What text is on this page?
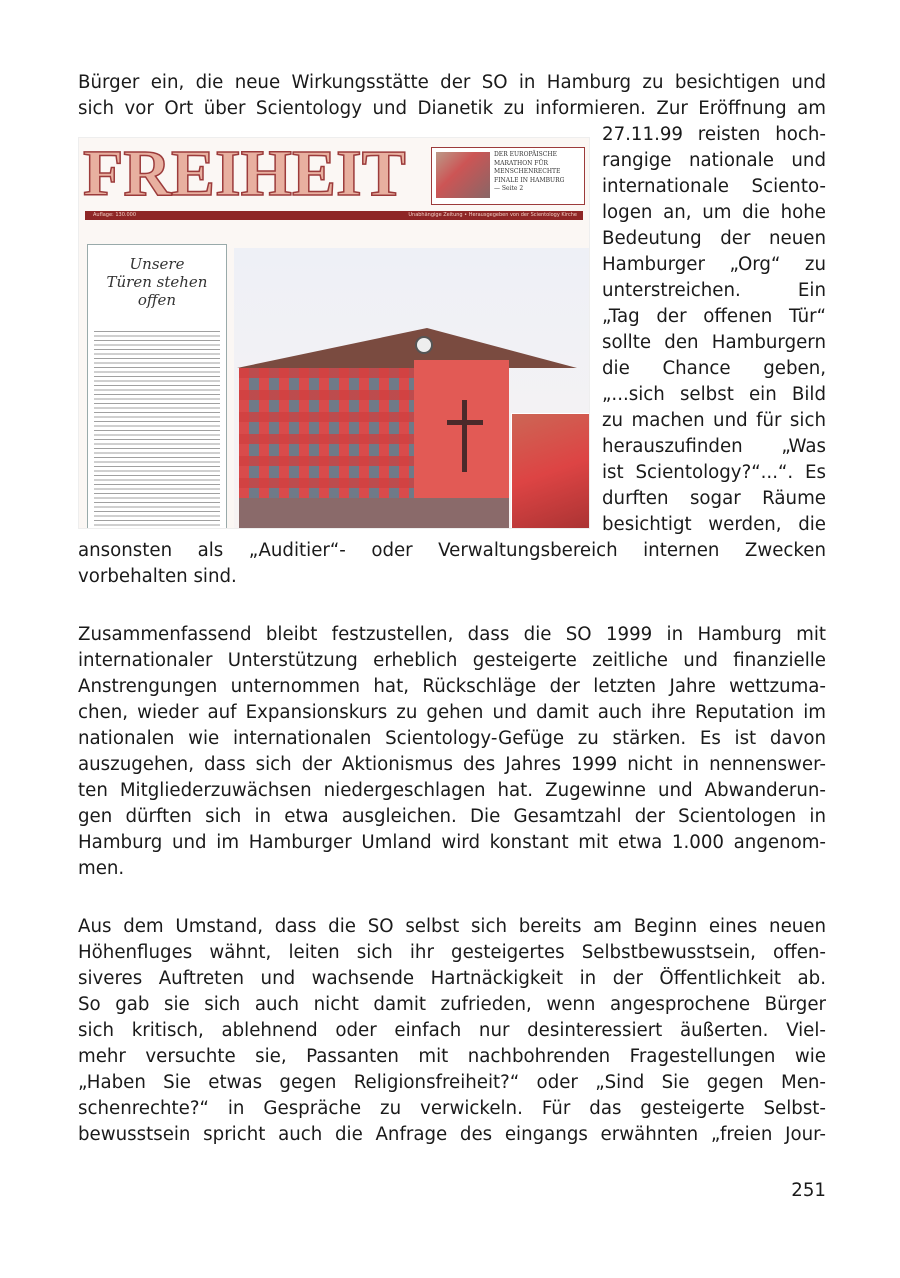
Bürger ein, die neue Wirkungsstätte der SO in Hamburg zu besichtigen und
sich vor Ort über Scientology und Dianetik zu informieren. Zur Eröffnung am
27.11.99 reisten hoch-
rangige nationale und
internationale Sciento-
logen an, um die hohe
Bedeutung der neuen
Hamburger „Org“ zu
unterstreichen. Ein
„Tag der offenen Tür“
sollte den Hamburgern
die Chance geben,
„...sich selbst ein Bild
zu machen und für sich
herauszufinden „Was
ist Scientology?“...“. Es
durften sogar Räume
besichtigt werden, die
ansonsten als „Auditier“- oder Verwaltungsbereich internen Zwecken
vorbehalten sind.
Zusammenfassend bleibt festzustellen, dass die SO 1999 in Hamburg mit
internationaler Unterstützung erheblich gesteigerte zeitliche und finanzielle
Anstrengungen unternommen hat, Rückschläge der letzten Jahre wettzuma-
chen, wieder auf Expansionskurs zu gehen und damit auch ihre Reputation im
nationalen wie internationalen Scientology-Gefüge zu stärken. Es ist davon
auszugehen, dass sich der Aktionismus des Jahres 1999 nicht in nennenswer-
ten Mitgliederzuwächsen niedergeschlagen hat. Zugewinne und Abwanderun-
gen dürften sich in etwa ausgleichen. Die Gesamtzahl der Scientologen in
Hamburg und im Hamburger Umland wird konstant mit etwa 1.000 angenom-
men.
Aus dem Umstand, dass die SO selbst sich bereits am Beginn eines neuen
Höhenfluges wähnt, leiten sich ihr gesteigertes Selbstbewusstsein, offen-
siveres Auftreten und wachsende Hartnäckigkeit in der Öffentlichkeit ab.
So gab sie sich auch nicht damit zufrieden, wenn angesprochene Bürger
sich kritisch, ablehnend oder einfach nur desinteressiert äußerten. Viel-
mehr versuchte sie, Passanten mit nachbohrenden Fragestellungen wie
„Haben Sie etwas gegen Religionsfreiheit?“ oder „Sind Sie gegen Men-
schenrechte?“ in Gespräche zu verwickeln. Für das gesteigerte Selbst-
bewusstsein spricht auch die Anfrage des eingangs erwähnten „freien Jour-
FREIHEIT	DER EUROPÄISCHE
MARATHON FÜR
MENSCHENRECHTE
FINALE IN HAMBURG
— Seite 2
Auflage: 130.000	Unabhängige Zeitung • Herausgegeben von der Scientology Kirche
Unsere
Türen stehen
offen
251
